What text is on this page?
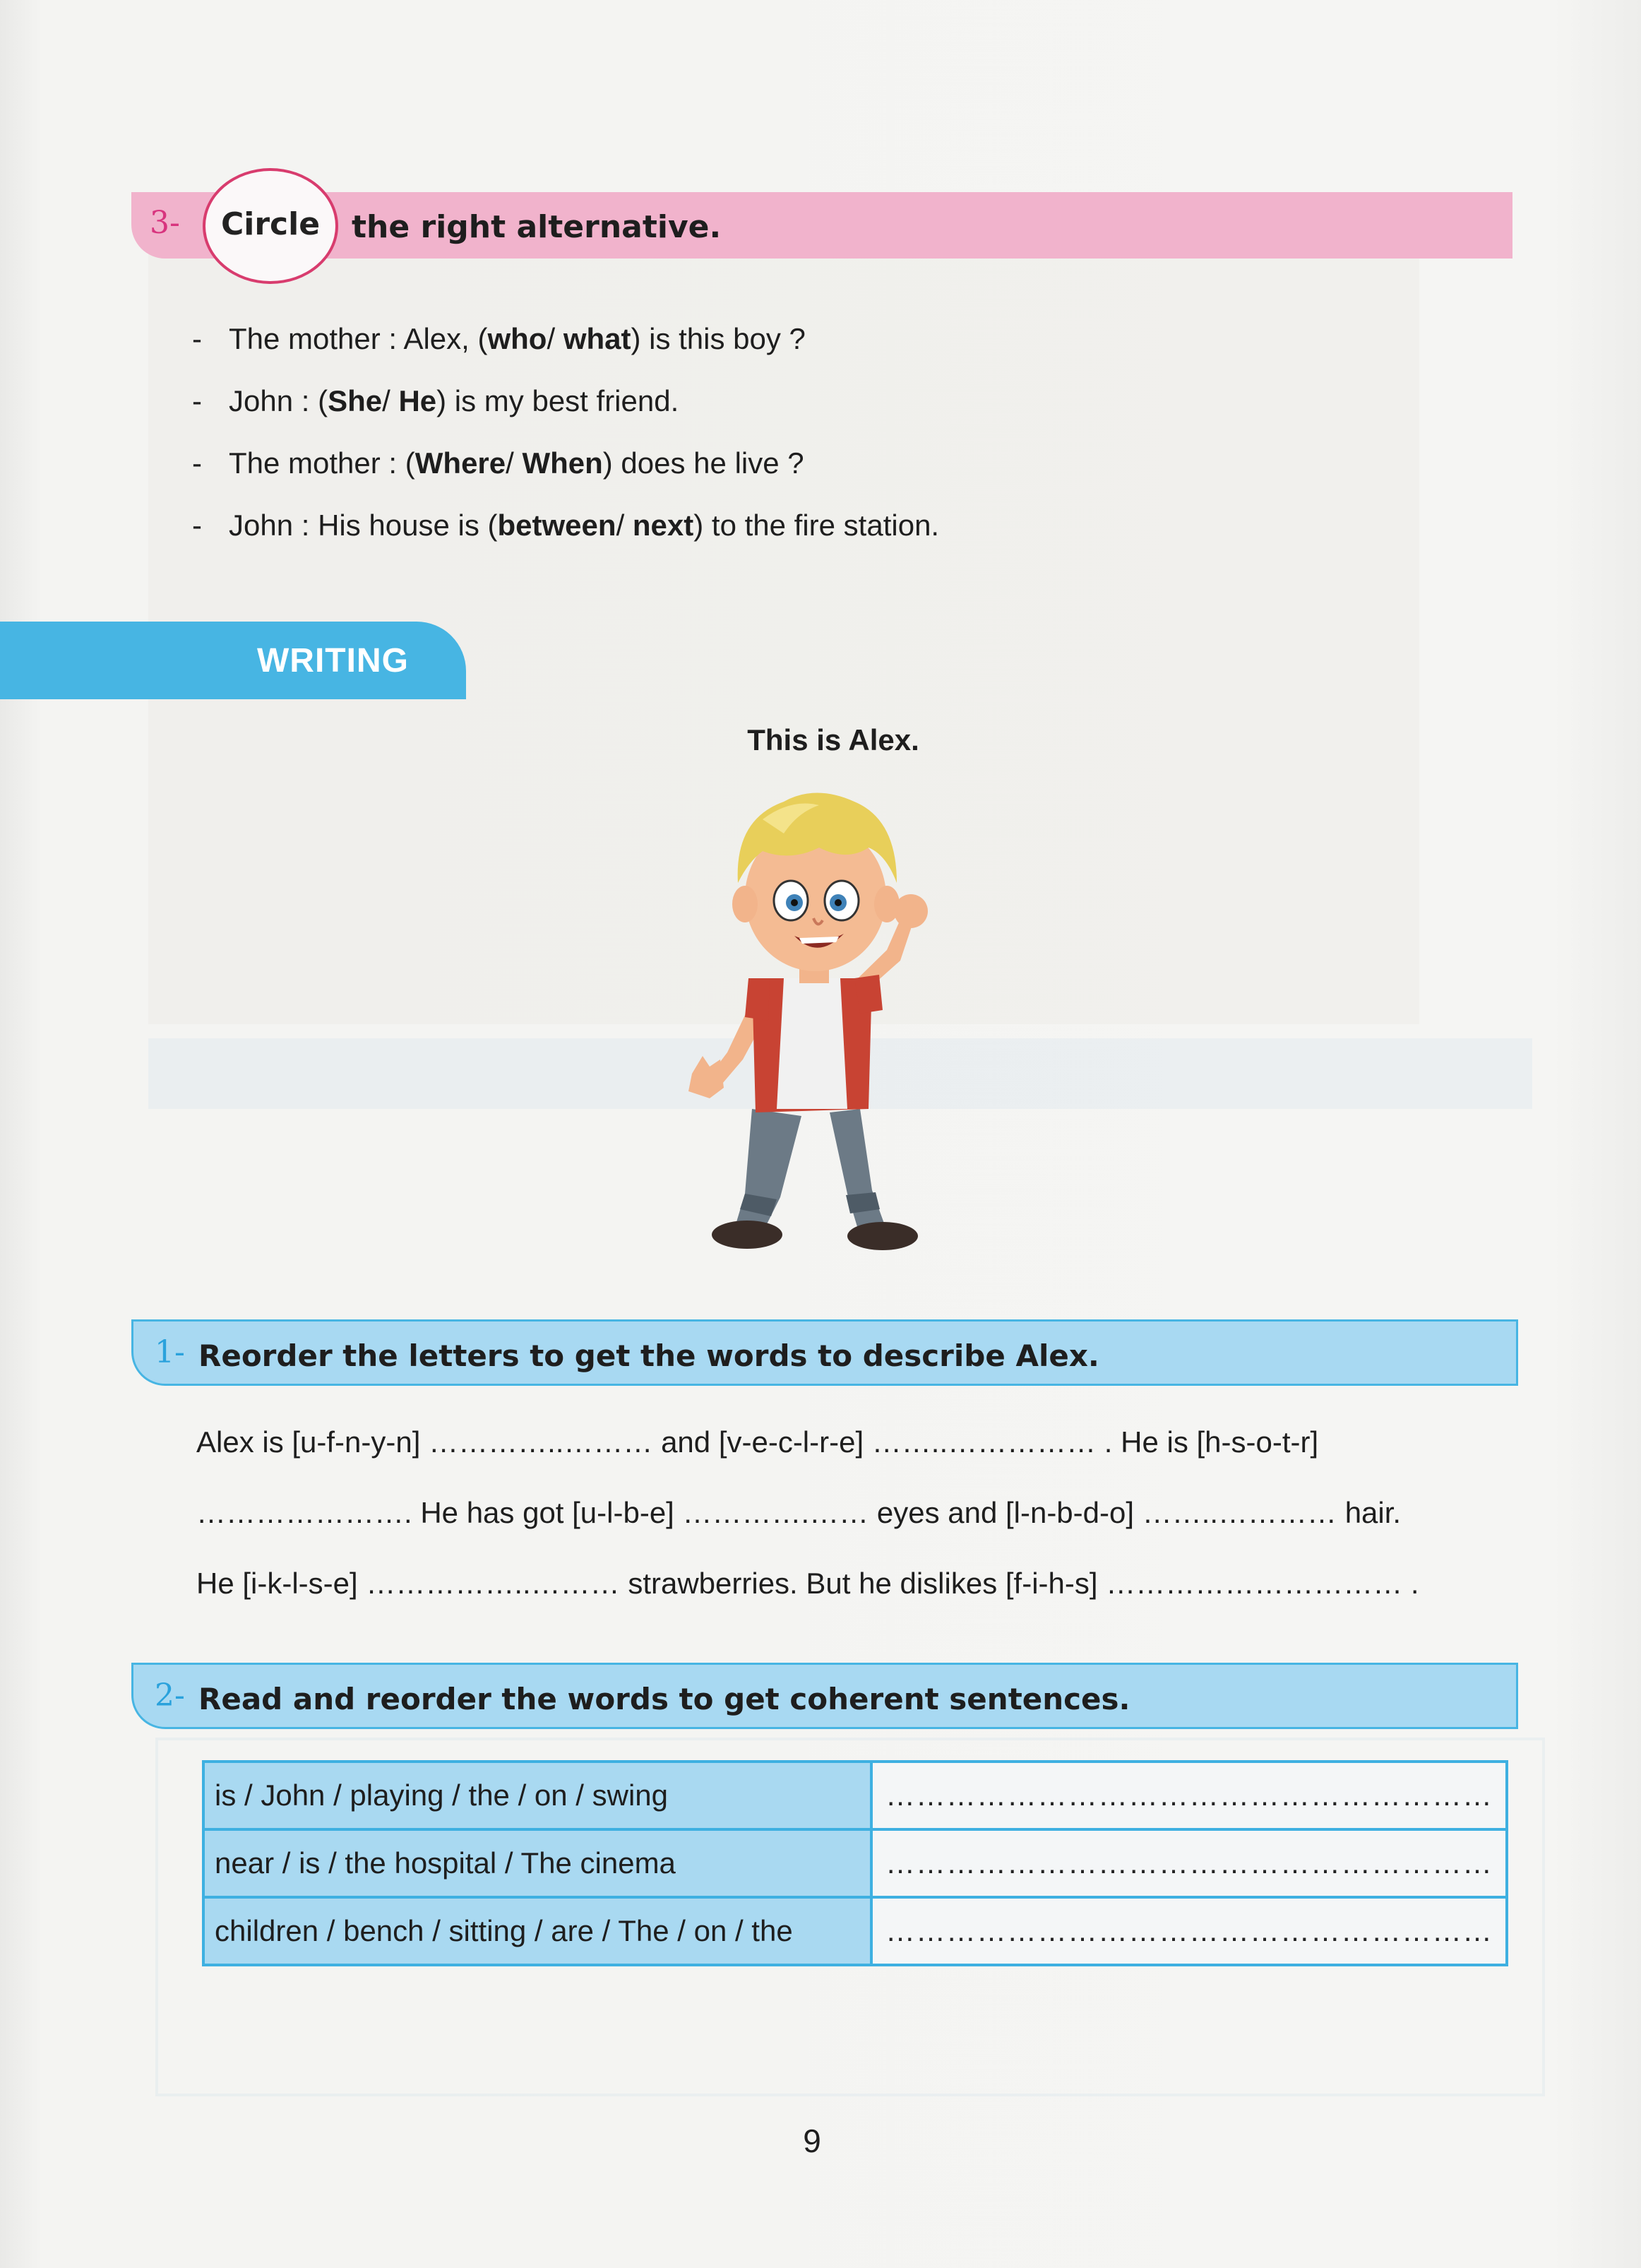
3-	Circle	the right alternative.
- The mother : Alex, (who/ what) is this boy ?
- John : (She/ He) is my best friend.
- The mother : (Where/ When) does he live ?
- John : His house is (between/ next) to the fire station.
WRITING
This is Alex.
1- Reorder the letters to get the words to describe Alex.
Alex is [u-f-n-y-n] …………..……… and [v-e-c-l-r-e] ……..…………… . He is [h-s-o-t-r]
…………………. He has got [u-l-b-e] ………….…… eyes and [l-n-b-d-o] ……..………… hair.
He [i-k-l-s-e] ……………..……… strawberries. But he dislikes [f-i-h-s] ………………………… .
2- Read and reorder the words to get coherent sentences.
is / John / playing / the / on / swing	……………………………………………………
near / is / the hospital / The cinema	……………………………………………………
children / bench / sitting / are / The / on / the	……………………………………………………
9
